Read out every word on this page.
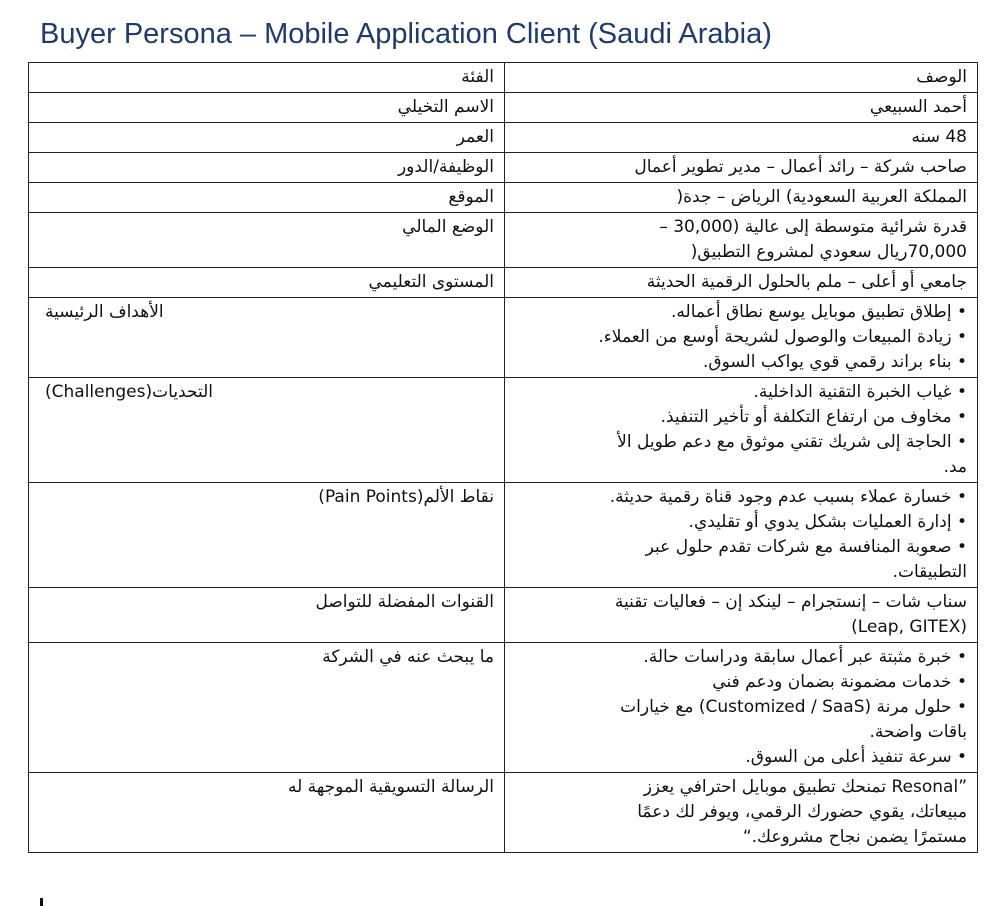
Buyer Persona – Mobile Application Client (Saudi Arabia)
الفئة	الوصف

الاسم التخيلي	أحمد السبيعي

العمر	48 سنه

الوظيفة/الدور	صاحب شركة – رائد أعمال – مدير تطوير أعمال

الموقع	المملكة العربية السعودية) الرياض – جدة(

الوضع المالي	قدرة شرائية متوسطة إلى عالية (30,000 –
70,000ريال سعودي لمشروع التطبيق(

المستوى التعليمي	جامعي أو أعلى – ملم بالحلول الرقمية الحديثة

الأهداف الرئيسية	• إطلاق تطبيق موبايل يوسع نطاق أعماله.
• زيادة المبيعات والوصول لشريحة أوسع من العملاء.
• بناء براند رقمي قوي يواكب السوق.

التحديات(Challenges)	• غياب الخبرة التقنية الداخلية.
• مخاوف من ارتفاع التكلفة أو تأخير التنفيذ.
• الحاجة إلى شريك تقني موثوق مع دعم طويل الأ
مد.

نقاط الألم(Pain Points)	• خسارة عملاء بسبب عدم وجود قناة رقمية حديثة.
• إدارة العمليات بشكل يدوي أو تقليدي.
• صعوبة المنافسة مع شركات تقدم حلول عبر
التطبيقات.

القنوات المفضلة للتواصل	سناب شات – إنستجرام – لينكد إن – فعاليات تقنية
(Leap, GITEX)

ما يبحث عنه في الشركة	• خبرة مثبتة عبر أعمال سابقة ودراسات حالة.
• خدمات مضمونة بضمان ودعم فني
• حلول مرنة (Customized / SaaS) مع خيارات
باقات واضحة.
• سرعة تنفيذ أعلى من السوق.

الرسالة التسويقية الموجهة له	”Resonal تمنحك تطبيق موبايل احترافي يعزز
مبيعاتك، يقوي حضورك الرقمي، ويوفر لك دعمًا
مستمرًا يضمن نجاح مشروعك.“
